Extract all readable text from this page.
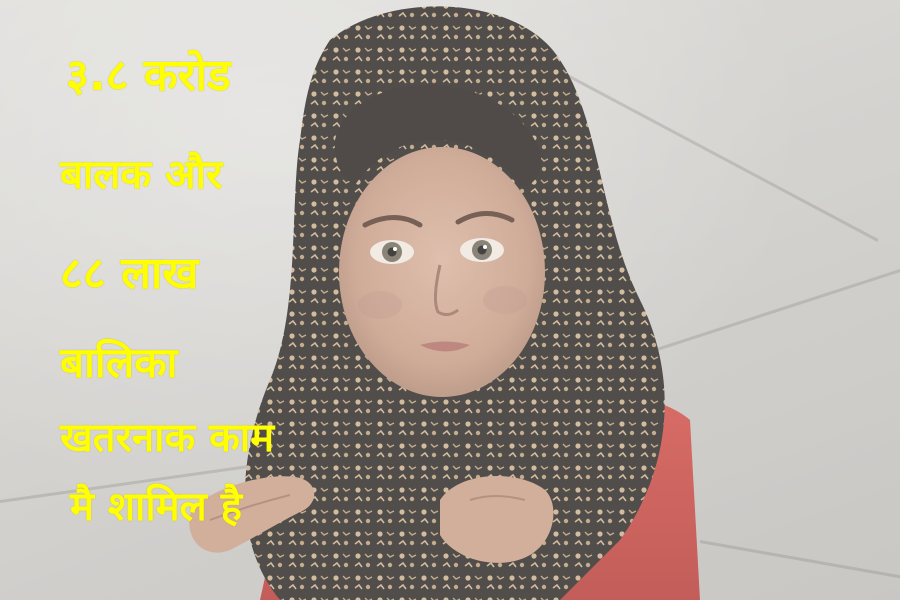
३.८ करोड

बालक और

८८ लाख

बालिका

खतरनाक काम

मै शामिल है
